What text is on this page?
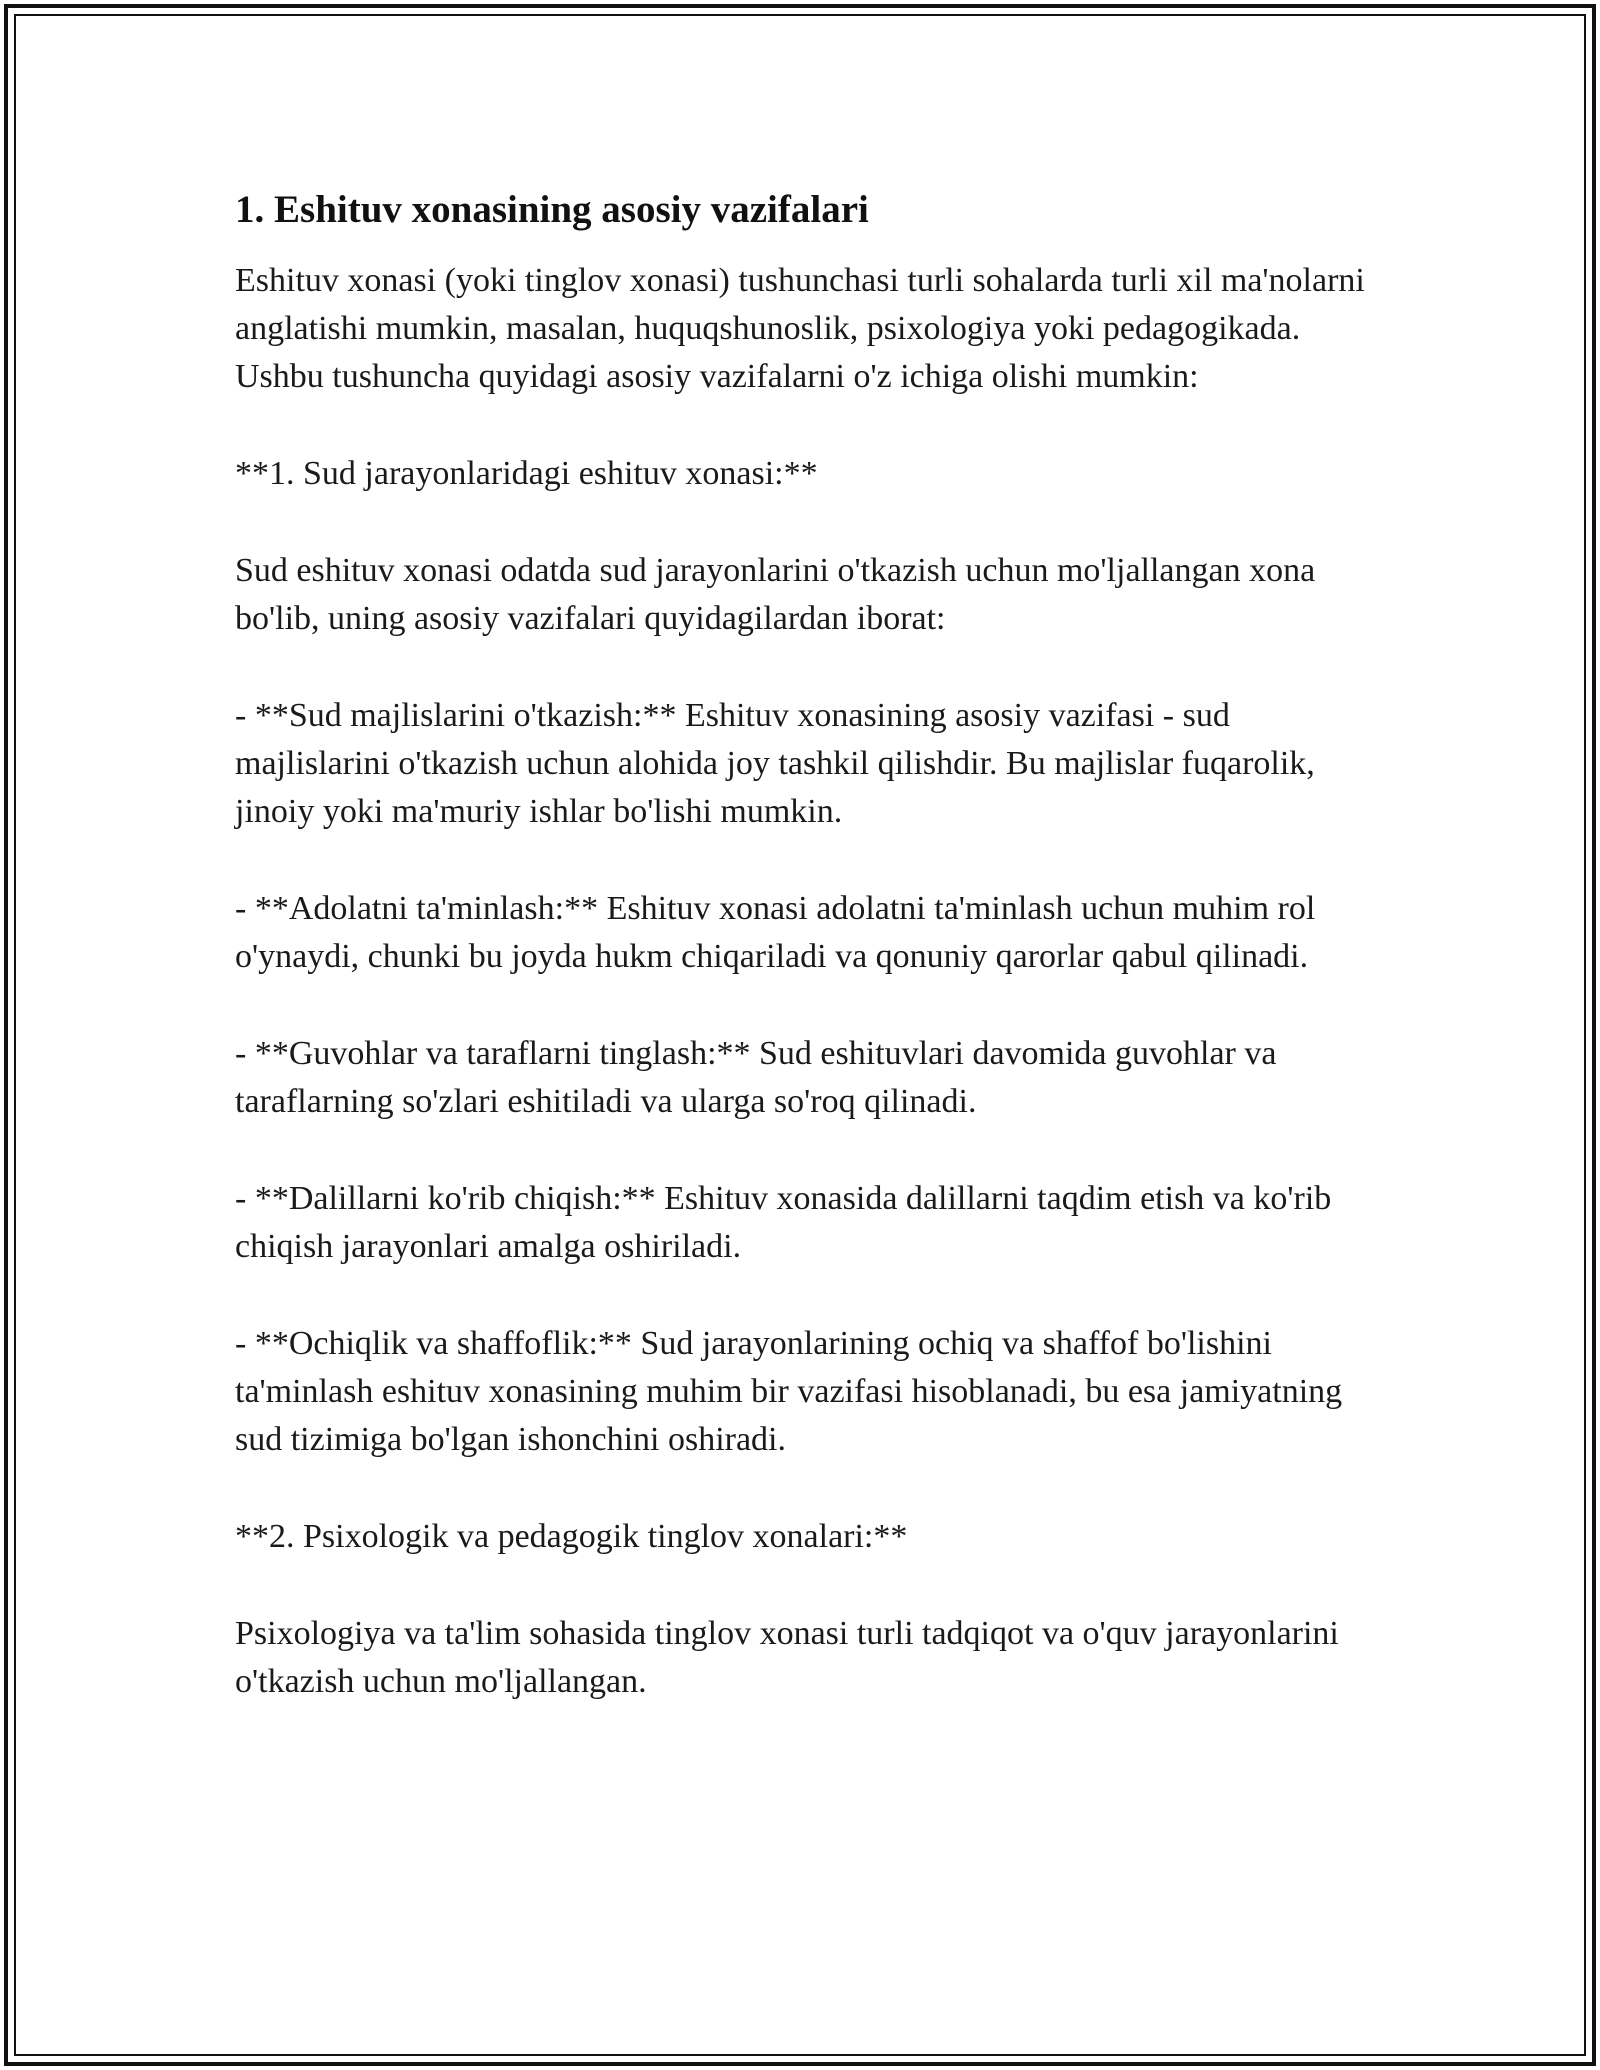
1. Eshituv xonasining asosiy vazifalari

Eshituv xonasi (yoki tinglov xonasi) tushunchasi turli sohalarda turli xil ma'nolarni anglatishi mumkin, masalan, huquqshunoslik, psixologiya yoki pedagogikada. Ushbu tushuncha quyidagi asosiy vazifalarni o'z ichiga olishi mumkin:

**1. Sud jarayonlaridagi eshituv xonasi:**

Sud eshituv xonasi odatda sud jarayonlarini o'tkazish uchun mo'ljallangan xona bo'lib, uning asosiy vazifalari quyidagilardan iborat:

- **Sud majlislarini o'tkazish:** Eshituv xonasining asosiy vazifasi - sud majlislarini o'tkazish uchun alohida joy tashkil qilishdir. Bu majlislar fuqarolik, jinoiy yoki ma'muriy ishlar bo'lishi mumkin.

- **Adolatni ta'minlash:** Eshituv xonasi adolatni ta'minlash uchun muhim rol o'ynaydi, chunki bu joyda hukm chiqariladi va qonuniy qarorlar qabul qilinadi.

- **Guvohlar va taraflarni tinglash:** Sud eshituvlari davomida guvohlar va taraflarning so'zlari eshitiladi va ularga so'roq qilinadi.

- **Dalillarni ko'rib chiqish:** Eshituv xonasida dalillarni taqdim etish va ko'rib chiqish jarayonlari amalga oshiriladi.

- **Ochiqlik va shaffoflik:** Sud jarayonlarining ochiq va shaffof bo'lishini ta'minlash eshituv xonasining muhim bir vazifasi hisoblanadi, bu esa jamiyatning sud tizimiga bo'lgan ishonchini oshiradi.

**2. Psixologik va pedagogik tinglov xonalari:**

Psixologiya va ta'lim sohasida tinglov xonasi turli tadqiqot va o'quv jarayonlarini o'tkazish uchun mo'ljallangan.
